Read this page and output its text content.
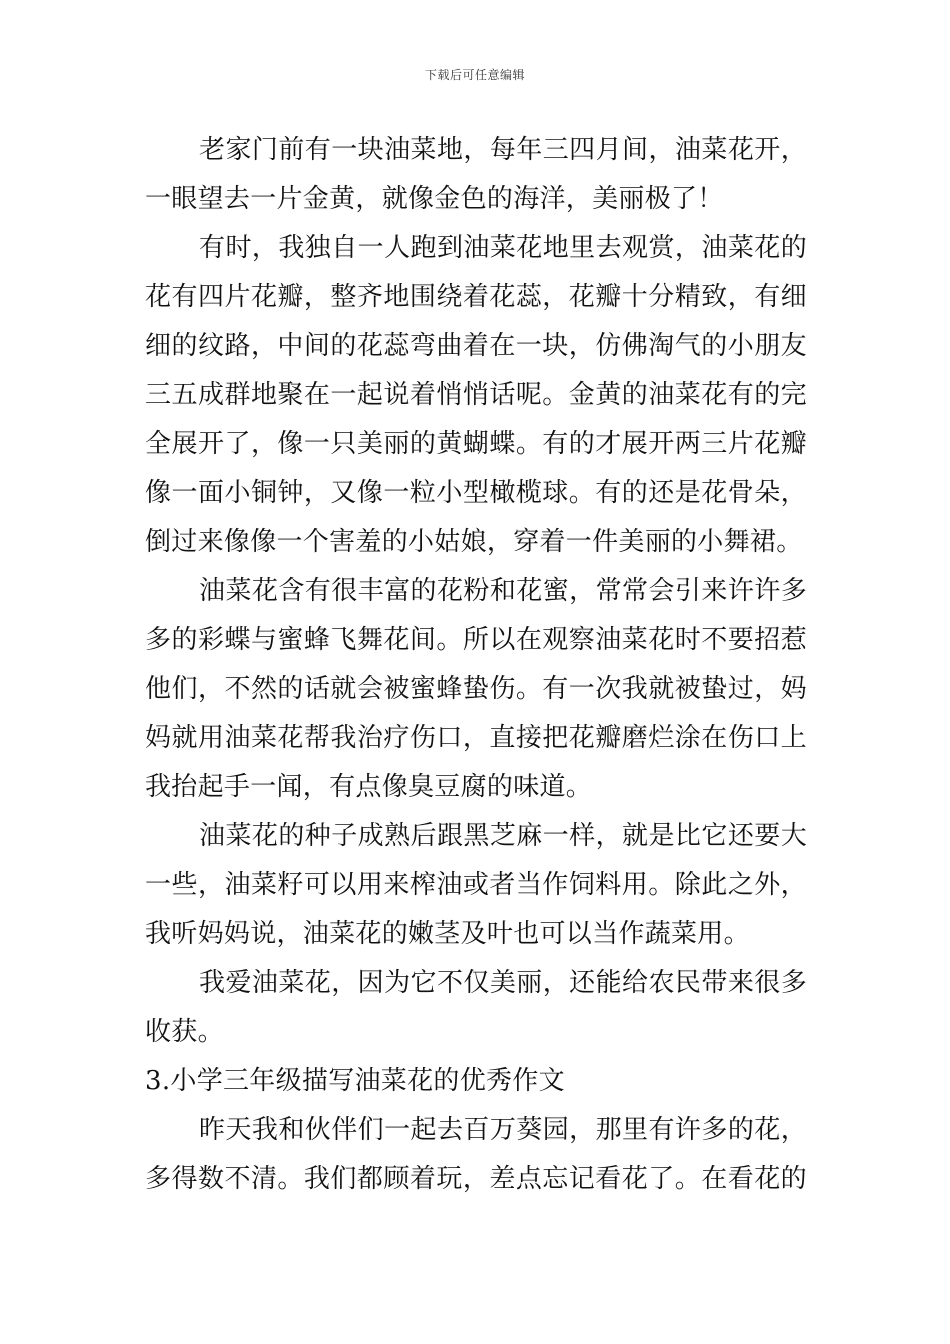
下载后可任意编辑
老家门前有一块油菜地，每年三四月间，油菜花开，
一眼望去一片金黄，就像金色的海洋，美丽极了！
有时，我独自一人跑到油菜花地里去观赏，油菜花的
花有四片花瓣，整齐地围绕着花蕊，花瓣十分精致，有细
细的纹路，中间的花蕊弯曲着在一块，仿佛淘气的小朋友
三五成群地聚在一起说着悄悄话呢。金黄的油菜花有的完
全展开了，像一只美丽的黄蝴蝶。有的才展开两三片花瓣
像一面小铜钟，又像一粒小型橄榄球。有的还是花骨朵，
倒过来像像一个害羞的小姑娘，穿着一件美丽的小舞裙。
油菜花含有很丰富的花粉和花蜜，常常会引来许许多
多的彩蝶与蜜蜂飞舞花间。所以在观察油菜花时不要招惹
他们，不然的话就会被蜜蜂蛰伤。有一次我就被蛰过，妈
妈就用油菜花帮我治疗伤口，直接把花瓣磨烂涂在伤口上
我抬起手一闻，有点像臭豆腐的味道。
油菜花的种子成熟后跟黑芝麻一样，就是比它还要大
一些，油菜籽可以用来榨油或者当作饲料用。除此之外，
我听妈妈说，油菜花的嫩茎及叶也可以当作蔬菜用。
我爱油菜花，因为它不仅美丽，还能给农民带来很多
收获。
3.小学三年级描写油菜花的优秀作文
昨天我和伙伴们一起去百万葵园，那里有许多的花，
多得数不清。我们都顾着玩，差点忘记看花了。在看花的
